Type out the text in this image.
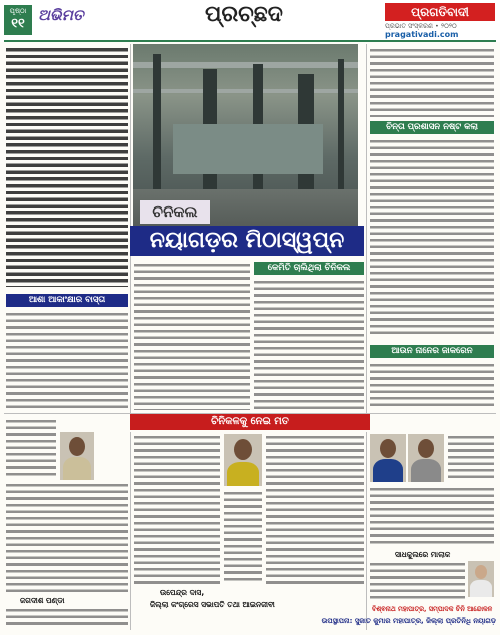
ପୃଷ୍ଠା
୧୧ ଅଭିମତ	ପ୍ରଚ୍ଛଦ	ପ୍ରଗତିବାଦୀ
ପ୍ରଭାତ ସଂସ୍କରଣ • ୨୦୨୦
pragativadi.com
ଚିନିକଲ
ନୟାଗଡ଼ର ମିଠାସ୍ୱପ୍ନ
ଚିନ୍ତା ପ୍ରଶାସନ ନଷ୍ଟ କଲା
ଆଉନ ନାନେର ଜାକରେନ
ଆଶା ଆକାଂକ୍ଷାର ବାସ୍ତା
କେମିତି ଚାଲିଥିଲା ଚିନିକଲ
ଚିନିକଳକୁ ନେଇ ମତ
ଜଗଦୀଶ ପଣ୍ଡା
ଉପେନ୍ଦ୍ର ଦାସ,
ଜିଲ୍ଲା କଂଗ୍ରେସ ସଭାପତି ତଥା ଆଇନଜୀବୀ
ସାଧକୁଲରେ ମାଲାକ
ବିଶ୍ଵନାଥ ମହାପାତ୍ର, ସମ୍ପାଦକ ଚିନି ଆନ୍ଦୋଳନ
ଉପସ୍ଥାପନା: ସୁଜାତ କୁମାର ମହାପାତ୍ର, ଜିଲ୍ଲା ପ୍ରତିନିଧି ନୟାଗଡ଼
